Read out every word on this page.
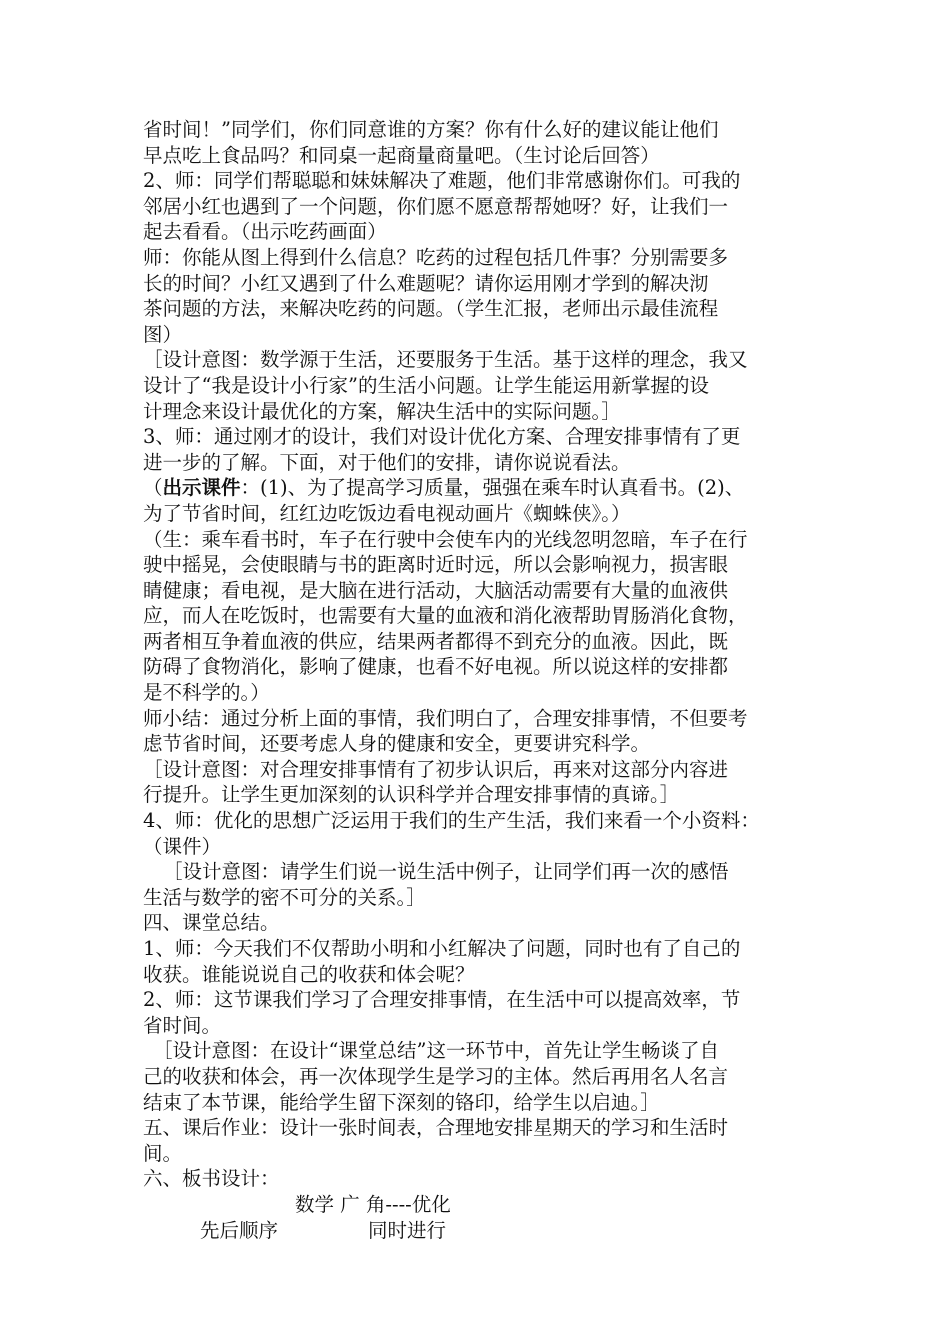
省时间！”同学们，你们同意谁的方案？你有什么好的建议能让他们
早点吃上食品吗？和同桌一起商量商量吧。（生讨论后回答）
2、师：同学们帮聪聪和妹妹解决了难题，他们非常感谢你们。可我的
邻居小红也遇到了一个问题，你们愿不愿意帮帮她呀？好，让我们一
起去看看。（出示吃药画面）
师：你能从图上得到什么信息？吃药的过程包括几件事？分别需要多
长的时间？小红又遇到了什么难题呢？请你运用刚才学到的解决沏
茶问题的方法，来解决吃药的问题。（学生汇报，老师出示最佳流程
图）
［设计意图：数学源于生活，还要服务于生活。基于这样的理念，我又
设计了“我是设计小行家”的生活小问题。让学生能运用新掌握的设
计理念来设计最优化的方案，解决生活中的实际问题。］
3、师：通过刚才的设计，我们对设计优化方案、合理安排事情有了更
进一步的了解。下面，对于他们的安排，请你说说看法。
（出示课件：(1)、为了提高学习质量，强强在乘车时认真看书。(2)、
为了节省时间，红红边吃饭边看电视动画片《蜘蛛侠》。）
（生：乘车看书时，车子在行驶中会使车内的光线忽明忽暗，车子在行
驶中摇晃，会使眼睛与书的距离时近时远，所以会影响视力，损害眼
睛健康；看电视，是大脑在进行活动，大脑活动需要有大量的血液供
应，而人在吃饭时，也需要有大量的血液和消化液帮助胃肠消化食物，
两者相互争着血液的供应，结果两者都得不到充分的血液。因此，既
防碍了食物消化，影响了健康，也看不好电视。所以说这样的安排都
是不科学的。）
师小结：通过分析上面的事情，我们明白了，合理安排事情，不但要考
虑节省时间，还要考虑人身的健康和安全，更要讲究科学。
［设计意图：对合理安排事情有了初步认识后，再来对这部分内容进
行提升。让学生更加深刻的认识科学并合理安排事情的真谛。］
4、师：优化的思想广泛运用于我们的生产生活，我们来看一个小资料：
（课件）
［设计意图：请学生们说一说生活中例子，让同学们再一次的感悟
生活与数学的密不可分的关系。］
四、课堂总结。
1、师：今天我们不仅帮助小明和小红解决了问题，同时也有了自己的
收获。谁能说说自己的收获和体会呢？
2、师：这节课我们学习了合理安排事情，在生活中可以提高效率，节
省时间。
［设计意图：在设计“课堂总结”这一环节中，首先让学生畅谈了自
己的收获和体会，再一次体现学生是学习的主体。然后再用名人名言
结束了本节课，能给学生留下深刻的铬印，给学生以启迪。］
五、课后作业：设计一张时间表，合理地安排星期天的学习和生活时
间。
六、板书设计：
数学 广 角----优化
先后顺序	同时进行
